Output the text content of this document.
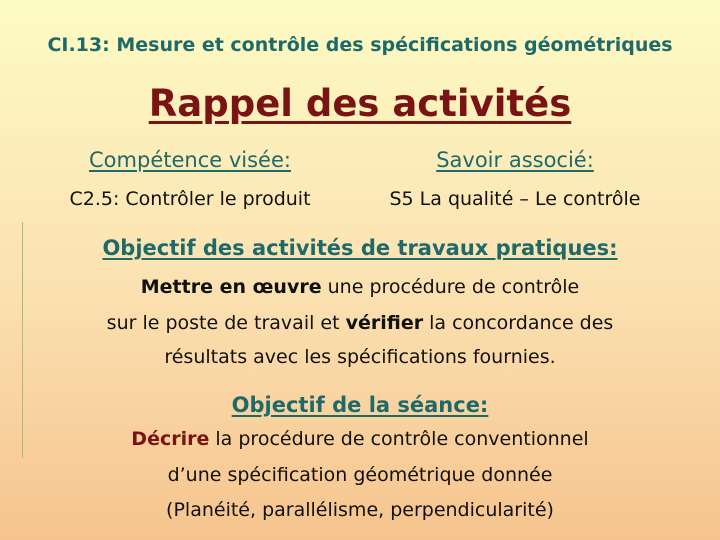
CI.13: Mesure et contrôle des spécifications géométriques
Rappel des activités
Compétence visée:	Savoir associé:
C2.5: Contrôler le produit	S5 La qualité – Le contrôle
Objectif des activités de travaux pratiques:
Mettre en œuvre une procédure de contrôle
sur le poste de travail et vérifier la concordance des
résultats avec les spécifications fournies.
Objectif de la séance:
Décrire la procédure de contrôle conventionnel
d’une spécification géométrique donnée
(Planéité, parallélisme, perpendicularité)
